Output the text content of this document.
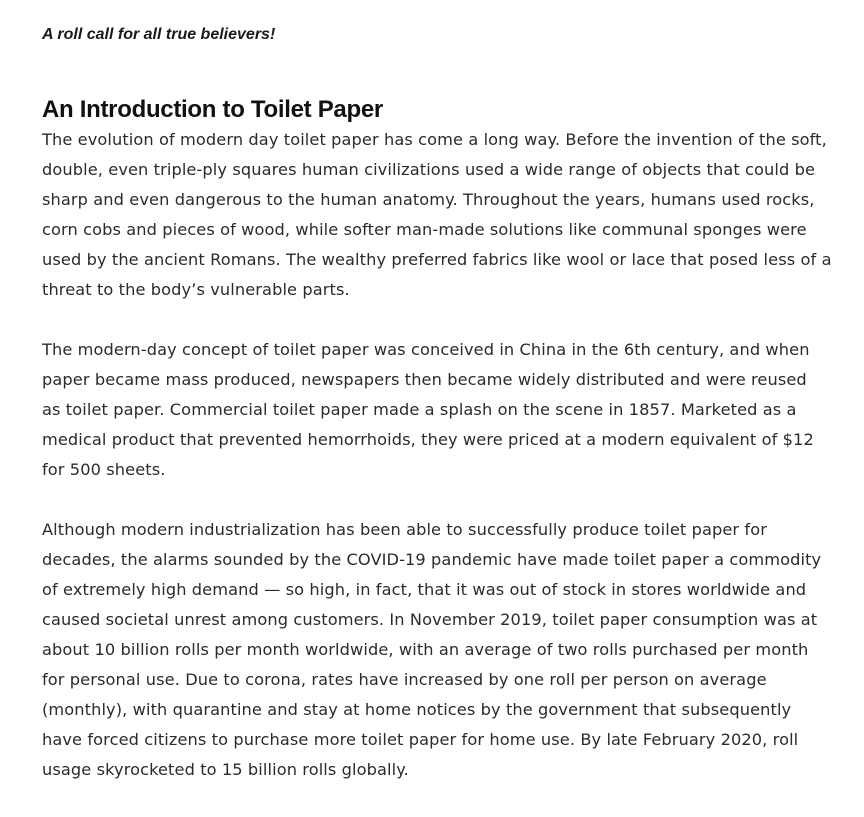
A roll call for all true believers!

An Introduction to Toilet Paper

The evolution of modern day toilet paper has come a long way. Before the invention of the soft,
double, even triple-ply squares human civilizations used a wide range of objects that could be
sharp and even dangerous to the human anatomy. Throughout the years, humans used rocks,
corn cobs and pieces of wood, while softer man-made solutions like communal sponges were
used by the ancient Romans. The wealthy preferred fabrics like wool or lace that posed less of a
threat to the body’s vulnerable parts.

The modern-day concept of toilet paper was conceived in China in the 6th century, and when
paper became mass produced, newspapers then became widely distributed and were reused
as toilet paper. Commercial toilet paper made a splash on the scene in 1857. Marketed as a
medical product that prevented hemorrhoids, they were priced at a modern equivalent of $12
for 500 sheets.

Although modern industrialization has been able to successfully produce toilet paper for
decades, the alarms sounded by the COVID-19 pandemic have made toilet paper a commodity
of extremely high demand — so high, in fact, that it was out of stock in stores worldwide and
caused societal unrest among customers. In November 2019, toilet paper consumption was at
about 10 billion rolls per month worldwide, with an average of two rolls purchased per month
for personal use. Due to corona, rates have increased by one roll per person on average
(monthly), with quarantine and stay at home notices by the government that subsequently
have forced citizens to purchase more toilet paper for home use. By late February 2020, roll
usage skyrocketed to 15 billion rolls globally.
